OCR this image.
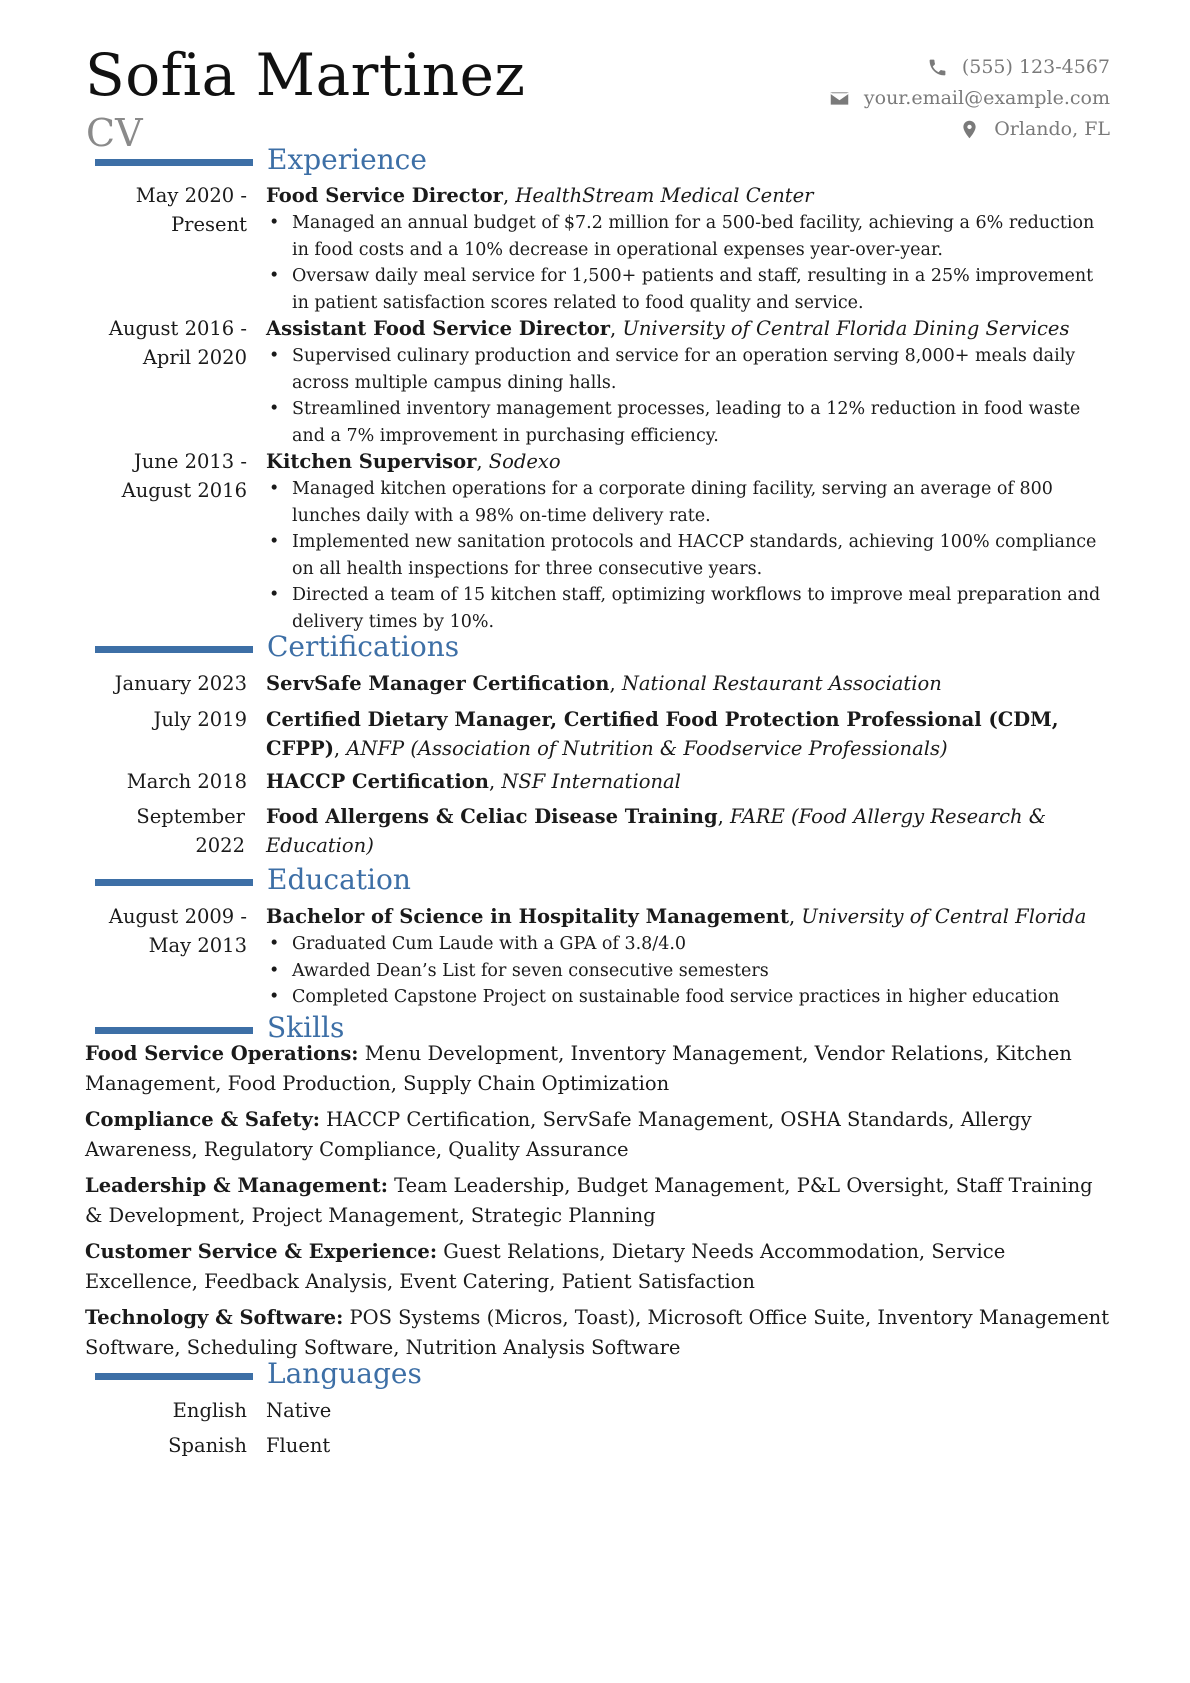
Sofia Martinez
CV
(555) 123-4567
your.email@example.com
Orlando, FL
Experience
May 2020 -
Present
Food Service Director, HealthStream Medical Center
• Managed an annual budget of $7.2 million for a 500-bed facility, achieving a 6% reduction in food costs and a 10% decrease in operational expenses year-over-year.
• Oversaw daily meal service for 1,500+ patients and staff, resulting in a 25% improvement in patient satisfaction scores related to food quality and service.
August 2016 -
April 2020
Assistant Food Service Director, University of Central Florida Dining Services
• Supervised culinary production and service for an operation serving 8,000+ meals daily across multiple campus dining halls.
• Streamlined inventory management processes, leading to a 12% reduction in food waste and a 7% improvement in purchasing efficiency.
June 2013 -
August 2016
Kitchen Supervisor, Sodexo
• Managed kitchen operations for a corporate dining facility, serving an average of 800 lunches daily with a 98% on-time delivery rate.
• Implemented new sanitation protocols and HACCP standards, achieving 100% compliance on all health inspections for three consecutive years.
• Directed a team of 15 kitchen staff, optimizing workflows to improve meal preparation and delivery times by 10%.
Certifications
January 2023 ServSafe Manager Certification, National Restaurant Association
July 2019 Certified Dietary Manager, Certified Food Protection Professional (CDM, CFPP), ANFP (Association of Nutrition & Foodservice Professionals)
March 2018 HACCP Certification, NSF International
September 2022
Food Allergens & Celiac Disease Training, FARE (Food Allergy Research & Education)
Education
August 2009 -
May 2013
Bachelor of Science in Hospitality Management, University of Central Florida
• Graduated Cum Laude with a GPA of 3.8/4.0
• Awarded Dean’s List for seven consecutive semesters
• Completed Capstone Project on sustainable food service practices in higher education
Skills
Food Service Operations: Menu Development, Inventory Management, Vendor Relations, Kitchen Management, Food Production, Supply Chain Optimization
Compliance & Safety: HACCP Certification, ServSafe Management, OSHA Standards, Allergy Awareness, Regulatory Compliance, Quality Assurance
Leadership & Management: Team Leadership, Budget Management, P&L Oversight, Staff Training & Development, Project Management, Strategic Planning
Customer Service & Experience: Guest Relations, Dietary Needs Accommodation, Service Excellence, Feedback Analysis, Event Catering, Patient Satisfaction
Technology & Software: POS Systems (Micros, Toast), Microsoft Office Suite, Inventory Management Software, Scheduling Software, Nutrition Analysis Software
Languages
English Native
Spanish Fluent
